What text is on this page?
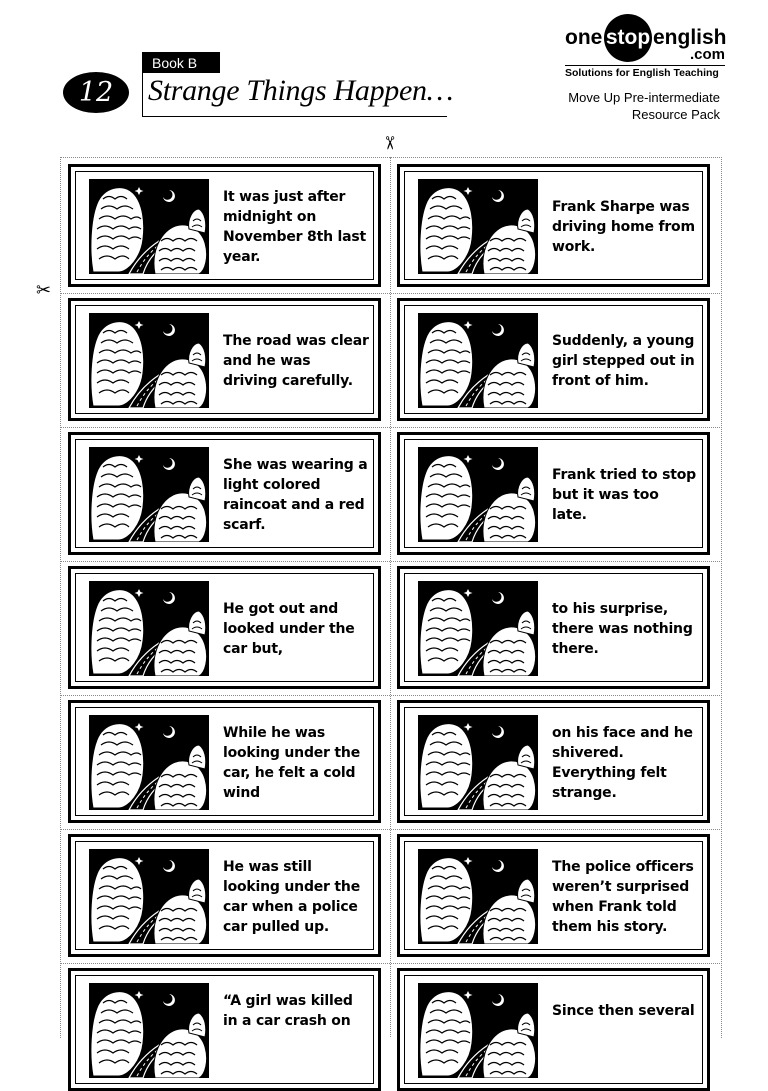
12
Book B
Strange Things Happen…
one stop english
.com
Solutions for English Teaching
Move Up Pre-intermediate
Resource Pack
✂
✂
It was just after midnight on November 8th last year.
Frank Sharpe was driving home from work.
The road was clear and he was driving carefully.
Suddenly, a young girl stepped out in front of him.
She was wearing a light colored raincoat and a red scarf.
Frank tried to stop but it was too late.
He got out and looked under the car but,
to his surprise, there was nothing there.
While he was looking under the car, he felt a cold wind
on his face and he shivered. Everything felt strange.
He was still looking under the car when a police car pulled up.
The police officers weren’t surprised when Frank told them his story.
“A girl was killed in a car crash on
Since then several
